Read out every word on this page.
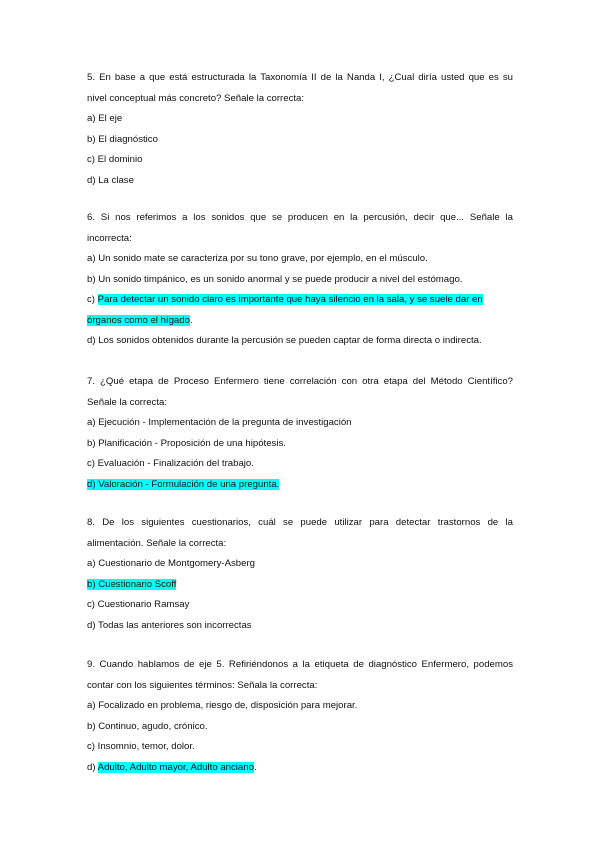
5. En base a que está estructurada la Taxonomía II de la Nanda I, ¿Cual diría usted que es su
nivel conceptual más concreto? Señale la correcta:
a) El eje
b) El diagnóstico
c) El dominio
d) La clase
6. Si nos referimos a los sonidos que se producen en la percusión, decir que... Señale la
incorrecta:
a) Un sonido mate se caracteriza por su tono grave, por ejemplo, en el músculo.
b) Un sonido timpánico, es un sonido anormal y se puede producir a nivel del estómago.
c) Para detectar un sonido claro es importante que haya silencio en la sala, y se suele dar en
órganos como el hígado.
d) Los sonidos obtenidos durante la percusión se pueden captar de forma directa o indirecta.
7. ¿Qué etapa de Proceso Enfermero tiene correlación con otra etapa del Método Científico?
Señale la correcta:
a) Ejecución - Implementación de la pregunta de investigación
b) Planificación - Proposición de una hipótesis.
c) Evaluación - Finalización del trabajo.
d) Valoración - Formulación de una pregunta.
8. De los siguientes cuestionarios, cuál se puede utilizar para detectar trastornos de la
alimentación. Señale la correcta:
a) Cuestionario de Montgomery-Asberg
b) Cuestionario Scoff
c) Cuestionario Ramsay
d) Todas las anteriores son incorrectas
9. Cuando hablamos de eje 5. Refiriéndonos a la etiqueta de diagnóstico Enfermero, podemos
contar con los siguientes términos: Señala la correcta:
a) Focalizado en problema, riesgo de, disposición para mejorar.
b) Continuo, agudo, crónico.
c) Insomnio, temor, dolor.
d) Adulto, Adulto mayor, Adulto anciano.
